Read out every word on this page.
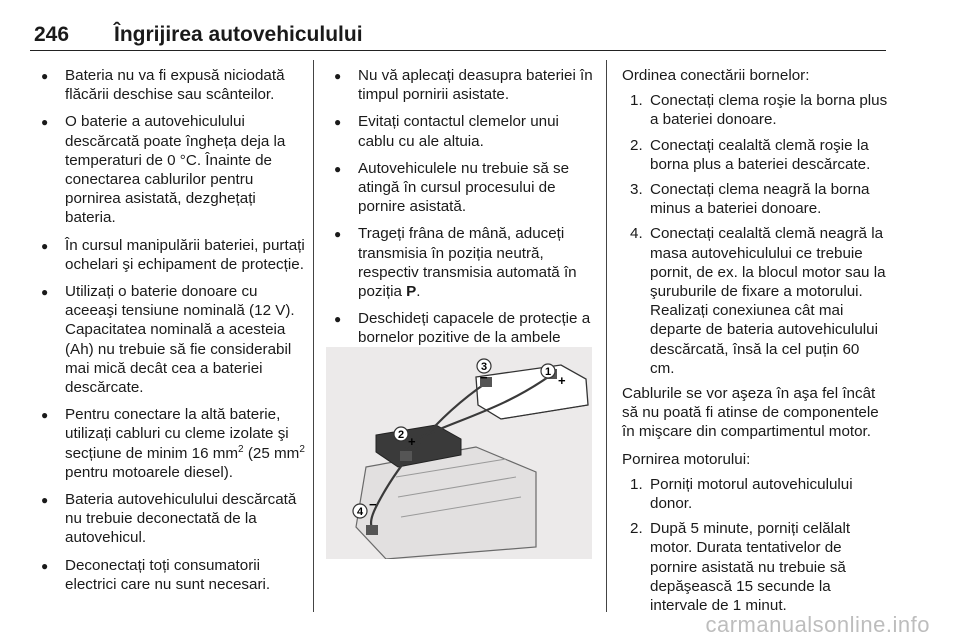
246 Îngrijirea autovehiculului
● Bateria nu va fi expusă niciodată flăcării deschise sau scânteilor.
● O baterie a autovehiculului descărcată poate îngheța deja la temperaturi de 0 °C. Înainte de conectarea cablurilor pentru pornirea asistată, dezghețați bateria.
● În cursul manipulării bateriei, purtați ochelari şi echipament de protecție.
● Utilizați o baterie donoare cu aceeaşi tensiune nominală (12 V). Capacitatea nominală a acesteia (Ah) nu trebuie să fie considerabil mai mică decât cea a bateriei descărcate.
● Pentru conectare la altă baterie, utilizați cabluri cu cleme izolate şi secțiune de minim 16 $mm^2$ (25 $mm^2$ pentru motoarele diesel).
● Bateria autovehiculului descărcată nu trebuie deconectată de la autovehicul.
● Deconectați toți consumatorii electrici care nu sunt necesari.
● Nu vă aplecați deasupra bateriei în timpul pornirii asistate.
● Evitați contactul clemelor unui cablu cu ale altuia.
● Autovehiculele nu trebuie să se atingă în cursul procesului de pornire asistată.
● Trageți frâna de mână, aduceți transmisia în poziția neutră, respectiv transmisia automată în poziția P.
● Deschideți capacele de protecție a bornelor pozitive de la ambele
1
+
3
−
2 +
4 −

Ordinea conectării bornelor:

1. Conectați clema roşie la borna plus a bateriei donoare.
2. Conectați cealaltă clemă roşie la borna plus a bateriei descărcate.
3. Conectați clema neagră la borna minus a bateriei donoare.
4. Conectați cealaltă clemă neagră la masa autovehiculului ce trebuie pornit, de ex. la blocul motor sau la şuruburile de fixare a motorului. Realizați conexiunea cât mai departe de bateria autovehiculului descărcată, însă la cel puțin 60 cm.

Cablurile se vor aşeza în aşa fel încât să nu poată fi atinse de componentele în mişcare din compartimentul motor.

Pornirea motorului:

1. Porniți motorul autovehiculului donor.
2. După 5 minute, porniți celălalt motor. Durata tentativelor de pornire asistată nu trebuie să depăşească 15 secunde la intervale de 1 minut.
carmanualsonline.info
